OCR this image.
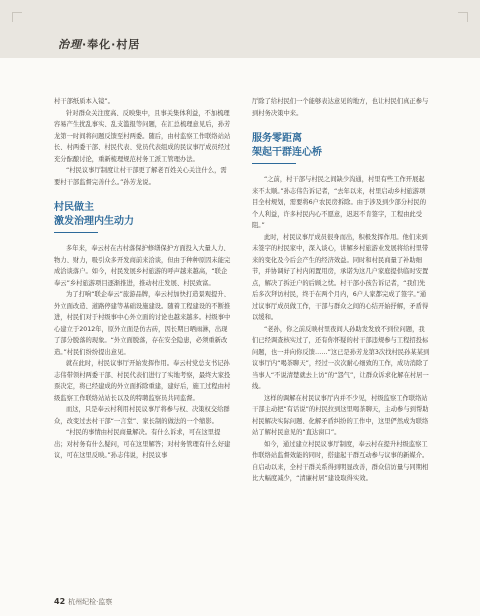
治理·奉化·村居

村干部纸质本入镜”。

针对群众关注度高、反映集中，且事关集体利益，不加梳理容易产生扰乱事实、乱支滥报等问题，在汇总梳理意见后，孙芳龙第一时间将问题反馈至村两委。随后，由村监察工作联络站站长、村两委干部、村民代表、党员代表组成的民议事厅成员经过充分酝酿讨论，重新梳理规范村务工派工管理办法。

“村民议事厅制度让村干部更了解老百姓关心关注什么，需要村干部监督完善什么。”孙芳龙说。

村民做主
激发治理内生动力

多年来，奉云村在古村落保护修缮保护方面投入大量人力、物力、财力，吸引众多开发商前来洽谈，但由于种种原因未能完成洽谈落户。如今，村民发展乡村旅游的呼声越来越高，“联企奉云”乡村旅游项目逐渐推进，推动村庄发展、村民致富。

为了打响“联企奉云”旅游品牌，奉云村加快打造景观提升、外立面改造、道路停建等基础设施建设。随着工程建设的不断推进，村民们对于村级事中心外立面的讨论也越来越多。村级事中心建立于2012年，原外立面是仿古砖，因长期日晒雨淋，出现了部分脱落的现象。“外立面脱落，存在安全隐患，必须重新改造。”村民们纷纷提出意见。

就在此时，村民议事厅开始发挥作用。奉云村党总支书记孙志伟带领村两委干部、村民代表们进行了实地考察，最终大家投票决定，将已经建成的外立面拆除重建，建好后，施工过程由村级监察工作联络站站长以及的特聘监察员共同监督。

而这，只是奉云村利用村民议事厅将参与权、决策权交给群众，改变过去村干部“一言堂”、家长制的做法的一个缩影。

“村民的事情由村民商量解决。有什么诉求，可在这里提出；对村务有什么疑问，可在这里解答；对村务管理有什么好建议，可在这里反映。”孙志伟说，村民议事

厅除了给村民们一个能够表达意见的地方，也让村民们真正参与到村务决策中来。

服务零距离
架起干群连心桥

“之前，村干部与村民之间缺少沟通，村里有些工作开展起来不太顺。”孙志伟告诉记者，“去年以来，村里启动乡村旅游项目全村规划，需要将6户农民房拆除。由于涉及到少部分村民的个人利益，许多村民内心不愿意，迟迟不肯签字，工程由此受阻。”

此时，村民议事厅成员很身而出，积极发挥作用。他们来到未签字的村民家中，深入谈心，讲解乡村旅游业发展将给村里带来的变化及今后会产生的经济效益。同时和村民商量了补助细节，并协调好了村内闲置用房，承诺为这几户家庭提供临时安置点，解决了拆迁户的后顾之忧。村干部小孩告诉记者，“我们先后多次拜访村民，终于在两个月内，6户人家都完成了签字。”通过议事厅成员做工作，干部与群众之间的心结开始抒解，矛盾得以缓和。

“老孙，你之前反映村里夜间人孙助发发放不到位问题，我们已经调查核实过了，还有你怀疑的村干部违规参与工程招投标问题，也一并向你反馈……”这已是孙芳龙第3次找村民孙某某到议事厅内“喝茶聊天”，经过一次次耐心细致的工作，成功消除了当事人“不说清楚就去上访”的“怨气”，让群众诉求化解在村居一线。

这样的调解在村民议事厅内并不少见，村级监察工作联络站干部主动把“有话说”的村民拉到这里喝茶聊天，主动参与到帮助村民解决实际问题、化解矛盾纠纷的工作中，这里俨然成为联络站了解村民意见的“直达窗口”。

如今，通过建立村民议事厅制度，奉云村在提升村级监察工作联络站监督效能的同时，搭建起干群互动参与议事的新媒介。自启动以来，全村干群关系得到明显改善，群众信访量与同期相比大幅度减少，“清廉村居”建设取得实效。

42 杭州纪检·监察
